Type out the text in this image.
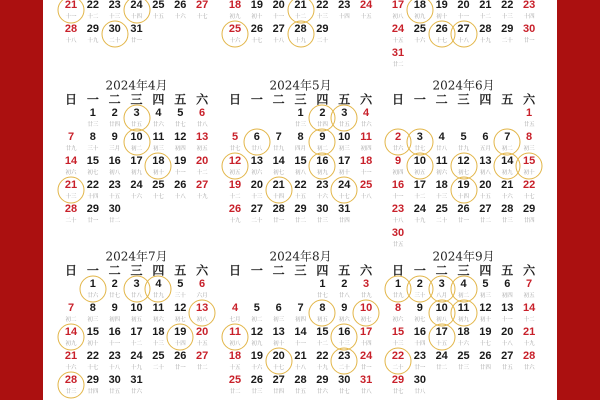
21
十一
22
十二
23
十三
24
十四
25
十五
26
十六
27
十七
28
十八
29
十九
30
二十
31
廿一
18
初九
19
初十
20
十一
21
十二
22
十三
23
十四
24
十五
25
十六
26
十七
27
十八
28
十九
29
二十
17
初八
18
初九
19
初十
20
十一
21
十二
22
十三
23
十四
24
十五
25
十六
26
十七
27
十八
28
十九
29
二十
30
廿一
31
廿二
2024年4月
日 一 二 三 四 五 六
1
廿三
2
廿四
3
廿五
4
廿六
5
廿七
6
廿八
7
廿九
8
三十
9
三月
10
初二
11
初三
12
初四
13
初五
14
初六
15
初七
16
初八
17
初九
18
初十
19
十一
20
十二
21
十三
22
十四
23
十五
24
十六
25
十七
26
十八
27
十九
28
二十
29
廿一
30
廿二
2024年5月
日 一 二 三 四 五 六
1
廿三
2
廿四
3
廿五
4
廿六
5
廿七
6
廿八
7
廿九
8
四月
9
初二
10
初三
11
初四
12
初五
13
初六
14
初七
15
初八
16
初九
17
初十
18
十一
19
十二
20
十三
21
十四
22
十五
23
十六
24
十七
25
十八
26
十九
27
二十
28
廿一
29
廿二
30
廿三
31
廿四
2024年6月
日 一 二 三 四 五 六
1
廿五
2
廿六
3
廿七
4
廿八
5
廿九
6
五月
7
初二
8
初三
9
初四
10
初五
11
初六
12
初七
13
初八
14
初九
15
初十
16
十一
17
十二
18
十三
19
十四
20
十五
21
十六
22
十七
23
十八
24
十九
25
二十
26
廿一
27
廿二
28
廿三
29
廿四
30
廿五
2024年7月
日 一 二 三 四 五 六
1
廿六
2
廿七
3
廿八
4
廿九
5
三十
6
六月
7
初二
8
初三
9
初四
10
初五
11
初六
12
初七
13
初八
14
初九
15
初十
16
十一
17
十二
18
十三
19
十四
20
十五
21
十六
22
十七
23
十八
24
十九
25
二十
26
廿一
27
廿二
28
廿三
29
廿四
30
廿五
31
廿六
2024年8月
日 一 二 三 四 五 六
1
廿七
2
廿八
3
廿九
4
七月
5
初二
6
初三
7
初四
8
初五
9
初六
10
初七
11
初八
12
初九
13
初十
14
十一
15
十二
16
十三
17
十四
18
十五
19
十六
20
十七
21
十八
22
十九
23
二十
24
廿一
25
廿二
26
廿三
27
廿四
28
廿五
29
廿六
30
廿七
31
廿八
2024年9月
日 一 二 三 四 五 六
1
廿九
2
三十
3
八月
4
初二
5
初三
6
初四
7
初五
8
初六
9
初七
10
初八
11
初九
12
初十
13
十一
14
十二
15
十三
16
十四
17
十五
18
十六
19
十七
20
十八
21
十九
22
二十
23
廿一
24
廿二
25
廿三
26
廿四
27
廿五
28
廿六
29
廿七
30
廿八
